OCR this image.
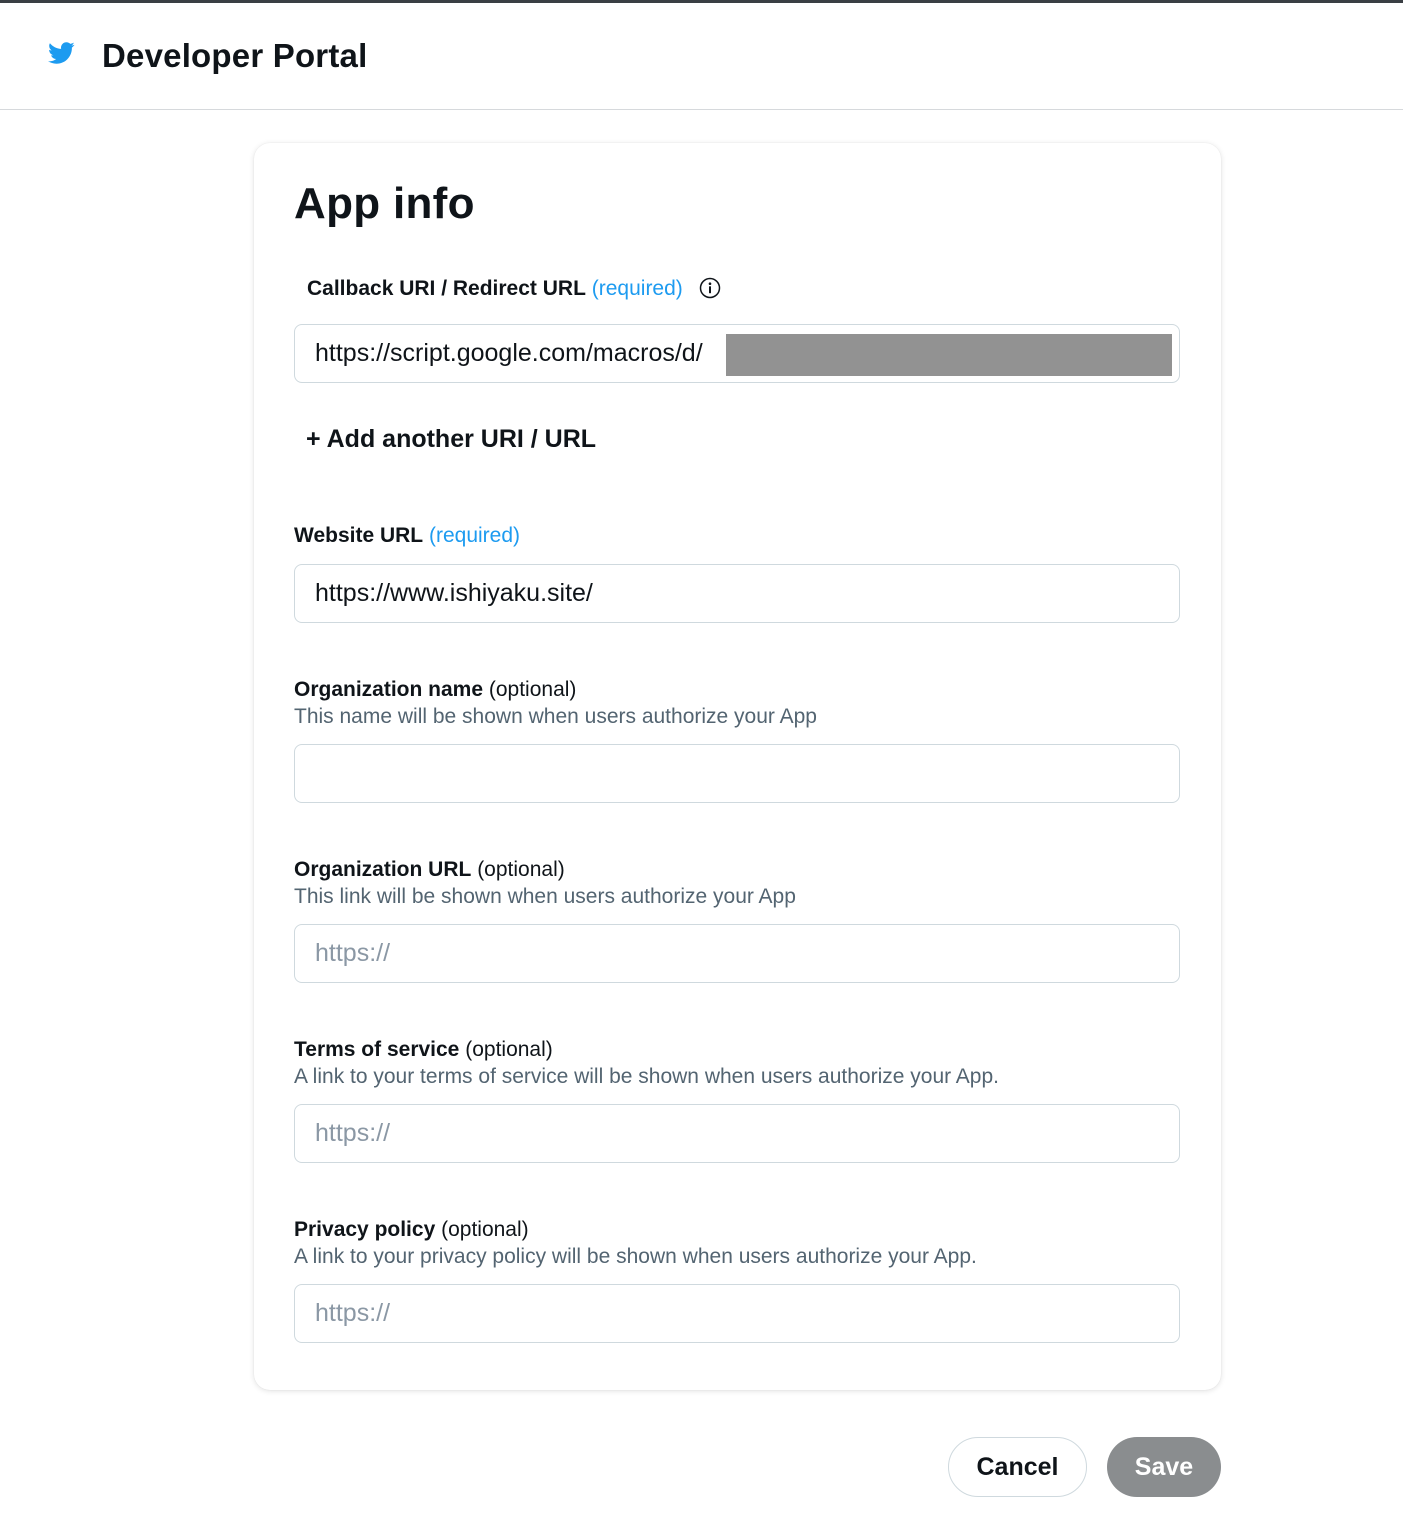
Developer Portal
App info
Callback URI / Redirect URL (required)
https://script.google.com/macros/d/
+ Add another URI / URL
Website URL (required)
https://www.ishiyaku.site/
Organization name (optional)
This name will be shown when users authorize your App
Organization URL (optional)
This link will be shown when users authorize your App
https://
Terms of service (optional)
A link to your terms of service will be shown when users authorize your App.
https://
Privacy policy (optional)
A link to your privacy policy will be shown when users authorize your App.
https://
Cancel	Save
